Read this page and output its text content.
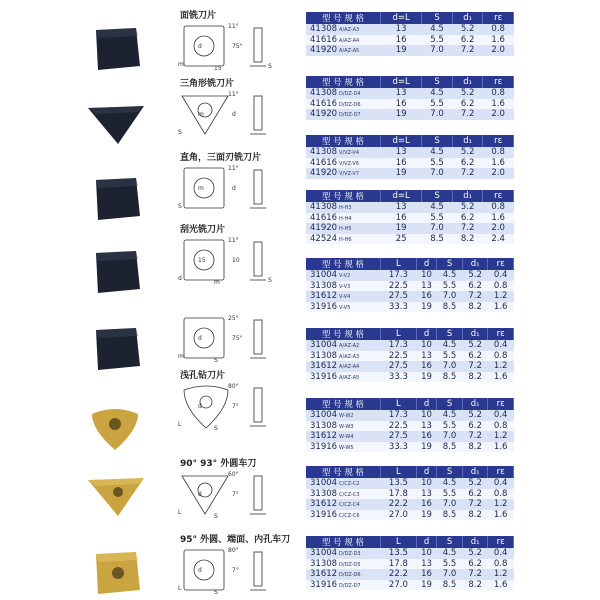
面铣刀片	型 号 规 格	d=L	S	d₁	rε
41308 A/AZ-A3	13	4.5	5.2	0.8
41616 A/AZ-A4	16	5.5	6.2	1.6
41920 A/AZ-A5	19	7.0	7.2	2.0
11°
75°
d
m
15	S
三角形铣刀片	型 号 规 格	d=L	S	d₁	rε
41308 D/DZ-D4	13	4.5	5.2	0.8
41616 D/DZ-D6	16	5.5	6.2	1.6
41920 D/DZ-D7	19	7.0	7.2	2.0
11°
d
m
S
直角，三面刃铣刀片
型 号 规 格	d=L	S	d₁	rε
41308 V/VZ-V4	13	4.5	5.2	0.8
41616 V/VZ-V6	16	5.5	6.2	1.6
41920 V/VZ-V7	19	7.0	7.2	2.0
11°
d
m
S
刮光铣刀片
型 号 规 格	d=L	S	d₁	rε
41308 H-H3	13	4.5	5.2	0.8
41616 H-H4	16	5.5	6.2	1.6
41920 H-H5	19	7.0	7.2	2.0
42524 H-H6	25	8.5	8.2	2.4
11°
10
15
d
m	S
型 号 规 格	L	d	S	d₁	rε
31004 V-V2	17.3	10	4.5	5.2	0.4
31308 V-V3	22.5	13	5.5	6.2	0.8
31612 V-V4	27.5	16	7.0	7.2	1.2
31916 V-V5	33.3	19	8.5	8.2	1.6
型 号 规 格	L	d	S	d₁	rε
31004 A/AZ-A2	17.3	10	4.5	5.2	0.4
31308 A/AZ-A3	22.5	13	5.5	6.2	0.8
31612 A/AZ-A4	27.5	16	7.0	7.2	1.2
31916 A/AZ-A5	33.3	19	8.5	8.2	1.6
25°
75°
d
m
S
浅孔钻刀片
型 号 规 格	L	d	S	d₁	rε
31004 W-W2	17.3	10	4.5	5.2	0.4
31308 W-W3	22.5	13	5.5	6.2	0.8
31612 W-W4	27.5	16	7.0	7.2	1.2
31916 W-W5	33.3	19	8.5	8.2	1.6
80°
7°
d
L
S
90° 93° 外圆车刀
型 号 规 格	L	d	S	d₁	rε
31004 C/CZ-C2	13.5	10	4.5	5.2	0.4
31308 C/CZ-C3	17.8	13	5.5	6.2	0.8
31612 C/CZ-C4	22.2	16	7.0	7.2	1.2
31916 C/CZ-C6	27.0	19	8.5	8.2	1.6
60°
7°
d
L
S
95° 外圆、端面、内孔车刀	型 号 规 格	L	d	S	d₁	rε
31004 D/DZ-D3	13.5	10	4.5	5.2	0.4
31308 D/DZ-D5	17.8	13	5.5	6.2	0.8
31612 D/DZ-D6	22.2	16	7.0	7.2	1.2
31916 D/DZ-D7	27.0	19	8.5	8.2	1.6
80°
7°
d
L
S
